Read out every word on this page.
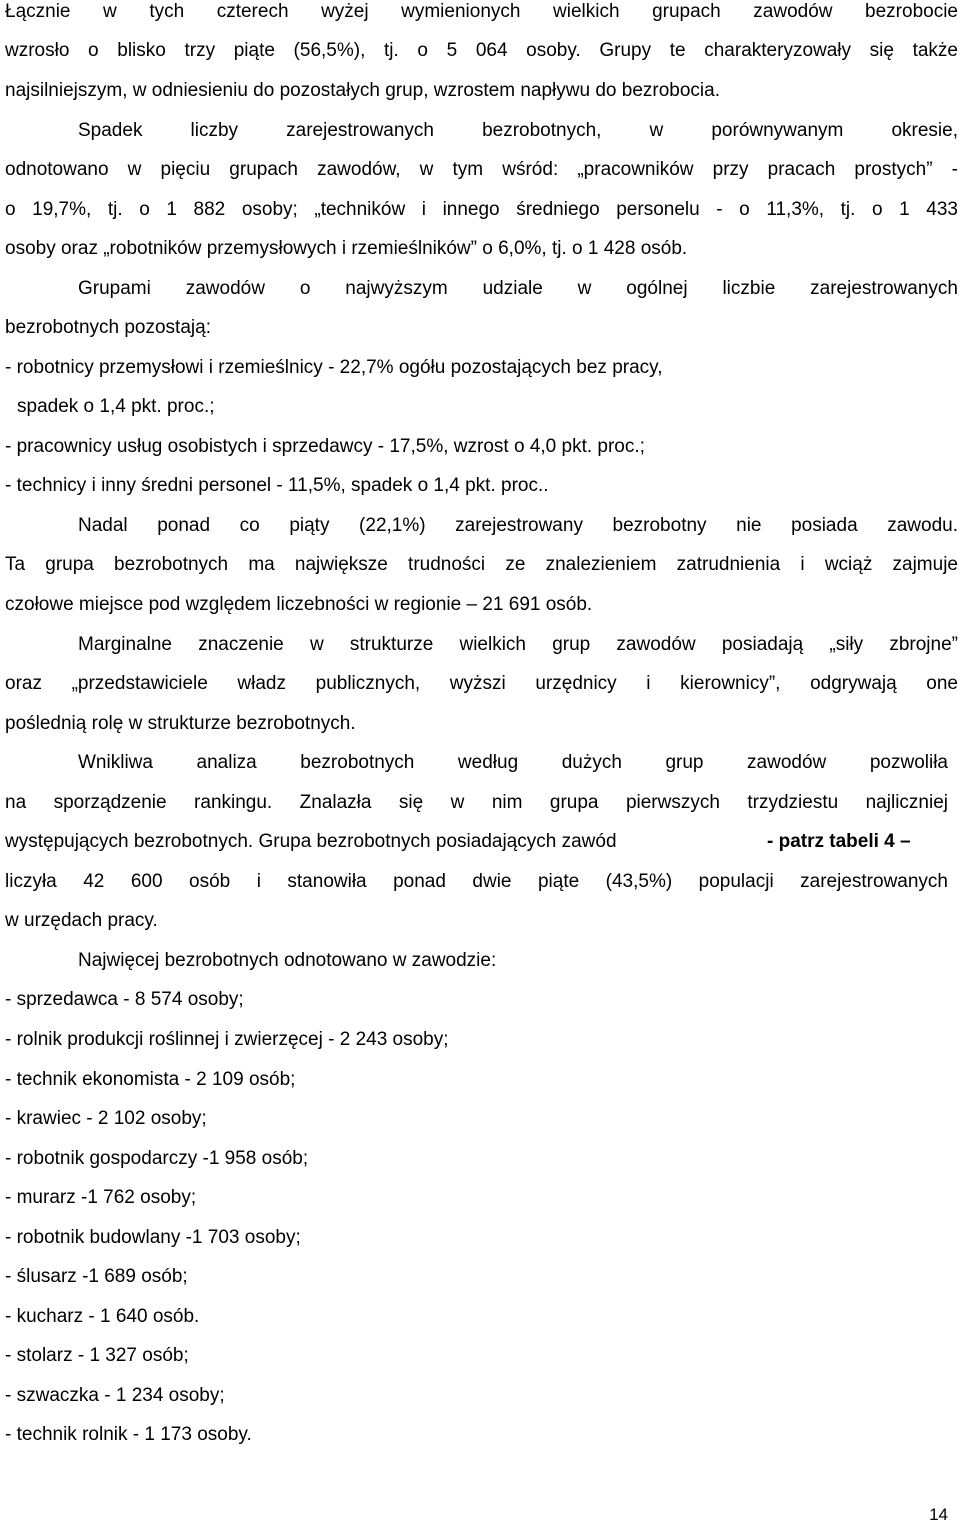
Łącznie w tych czterech wyżej wymienionych wielkich grupach zawodów bezrobocie
wzrosło o blisko trzy piąte (56,5%), tj. o 5 064 osoby. Grupy te charakteryzowały się także
najsilniejszym, w odniesieniu do pozostałych grup, wzrostem napływu do bezrobocia.
Spadek liczby zarejestrowanych bezrobotnych, w porównywanym okresie,
odnotowano w pięciu grupach zawodów, w tym wśród: „pracowników przy pracach prostych” -
o 19,7%, tj. o 1 882 osoby; „techników i innego średniego personelu - o 11,3%, tj. o 1 433
osoby oraz „robotników przemysłowych i rzemieślników” o 6,0%, tj. o 1 428 osób.
Grupami zawodów o najwyższym udziale w ogólnej liczbie zarejestrowanych
bezrobotnych pozostają:
- robotnicy przemysłowi i rzemieślnicy - 22,7% ogółu pozostających bez pracy,
spadek o 1,4 pkt. proc.;
- pracownicy usług osobistych i sprzedawcy - 17,5%, wzrost o 4,0 pkt. proc.;
- technicy i inny średni personel - 11,5%, spadek o 1,4 pkt. proc..
Nadal ponad co piąty (22,1%) zarejestrowany bezrobotny nie posiada zawodu.
Ta grupa bezrobotnych ma największe trudności ze znalezieniem zatrudnienia i wciąż zajmuje
czołowe miejsce pod względem liczebności w regionie – 21 691 osób.
Marginalne znaczenie w strukturze wielkich grup zawodów posiadają „siły zbrojne”
oraz „przedstawiciele władz publicznych, wyższi urzędnicy i kierownicy”, odgrywają one
poślednią rolę w strukturze bezrobotnych.
Wnikliwa analiza bezrobotnych według dużych grup zawodów pozwoliła
na sporządzenie rankingu. Znalazła się w nim grupa pierwszych trzydziestu najliczniej
występujących bezrobotnych. Grupa bezrobotnych posiadających zawód	- patrz tabeli 4 –
liczyła 42 600 osób i stanowiła ponad dwie piąte (43,5%) populacji zarejestrowanych
w urzędach pracy.
Najwięcej bezrobotnych odnotowano w zawodzie:
- sprzedawca - 8 574 osoby;
- rolnik produkcji roślinnej i zwierzęcej - 2 243 osoby;
- technik ekonomista - 2 109 osób;
- krawiec - 2 102 osoby;
- robotnik gospodarczy -1 958 osób;
- murarz -1 762 osoby;
- robotnik budowlany -1 703 osoby;
- ślusarz -1 689 osób;
- kucharz - 1 640 osób.
- stolarz - 1 327 osób;
- szwaczka - 1 234 osoby;
- technik rolnik - 1 173 osoby.
14
